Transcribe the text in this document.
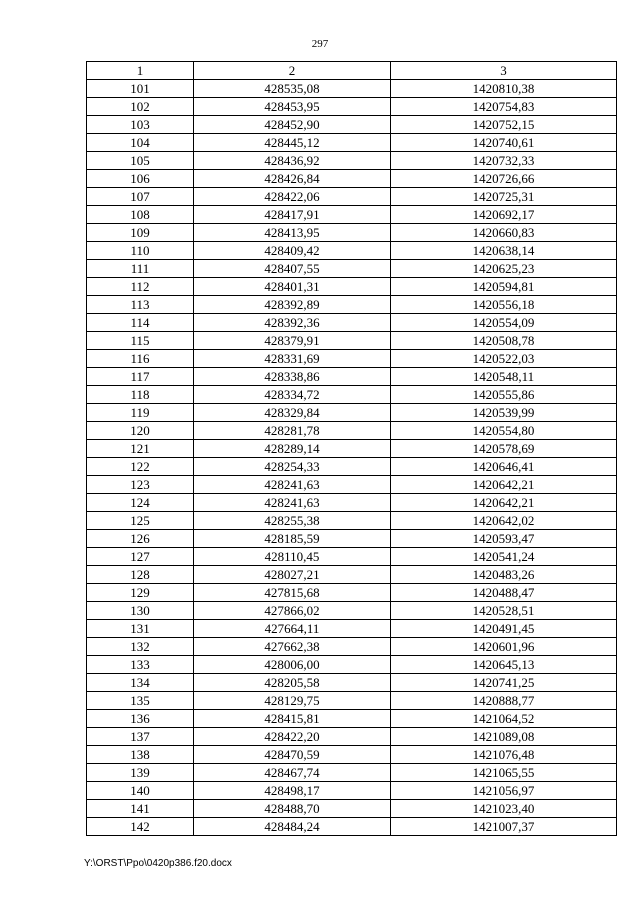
297
1	2	3
101	428535,08	1420810,38
102	428453,95	1420754,83
103	428452,90	1420752,15
104	428445,12	1420740,61
105	428436,92	1420732,33
106	428426,84	1420726,66
107	428422,06	1420725,31
108	428417,91	1420692,17
109	428413,95	1420660,83
110	428409,42	1420638,14
111	428407,55	1420625,23
112	428401,31	1420594,81
113	428392,89	1420556,18
114	428392,36	1420554,09
115	428379,91	1420508,78
116	428331,69	1420522,03
117	428338,86	1420548,11
118	428334,72	1420555,86
119	428329,84	1420539,99
120	428281,78	1420554,80
121	428289,14	1420578,69
122	428254,33	1420646,41
123	428241,63	1420642,21
124	428241,63	1420642,21
125	428255,38	1420642,02
126	428185,59	1420593,47
127	428110,45	1420541,24
128	428027,21	1420483,26
129	427815,68	1420488,47
130	427866,02	1420528,51
131	427664,11	1420491,45
132	427662,38	1420601,96
133	428006,00	1420645,13
134	428205,58	1420741,25
135	428129,75	1420888,77
136	428415,81	1421064,52
137	428422,20	1421089,08
138	428470,59	1421076,48
139	428467,74	1421065,55
140	428498,17	1421056,97
141	428488,70	1421023,40
142	428484,24	1421007,37
Y:\ORST\Ppo\0420p386.f20.docx
